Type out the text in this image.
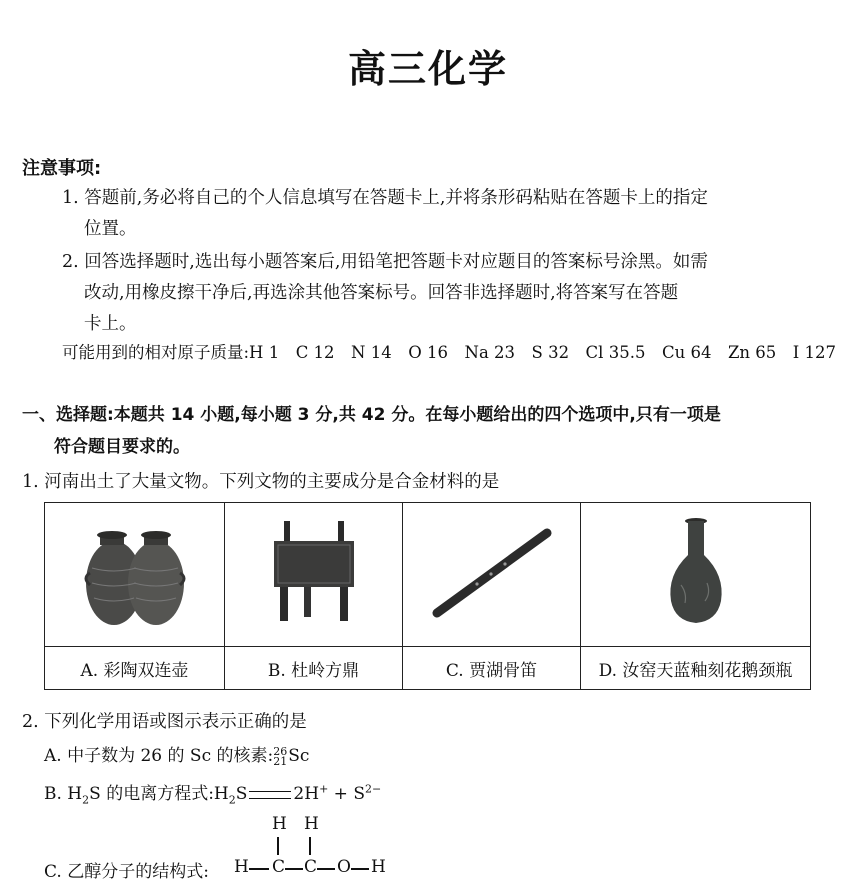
高三化学
注意事项:
1. 答题前,务必将自己的个人信息填写在答题卡上,并将条形码粘贴在答题卡上的指定
位置。
2. 回答选择题时,选出每小题答案后,用铅笔把答题卡对应题目的答案标号涂黑。如需
改动,用橡皮擦干净后,再选涂其他答案标号。回答非选择题时,将答案写在答题
卡上。
可能用到的相对原子质量:H 1　C 12　N 14　O 16　Na 23　S 32　Cl 35.5　Cu 64　Zn 65　I 127
一、选择题:本题共 14 小题,每小题 3 分,共 42 分。在每小题给出的四个选项中,只有一项是
符合题目要求的。
1. 河南出土了大量文物。下列文物的主要成分是合金材料的是

A. 彩陶双连壶	B. 杜岭方鼎	C. 贾湖骨笛	D. 汝窑天蓝釉刻花鹅颈瓶
2. 下列化学用语或图示表示正确的是
A. 中子数为 26 的 Sc 的核素: 26
21 Sc
B. $H_2S$ 的电离方程式$:H_2S$	$2H^+ + S^{2-}$
C. 乙醇分子的结构式:
H H
H C C O H
